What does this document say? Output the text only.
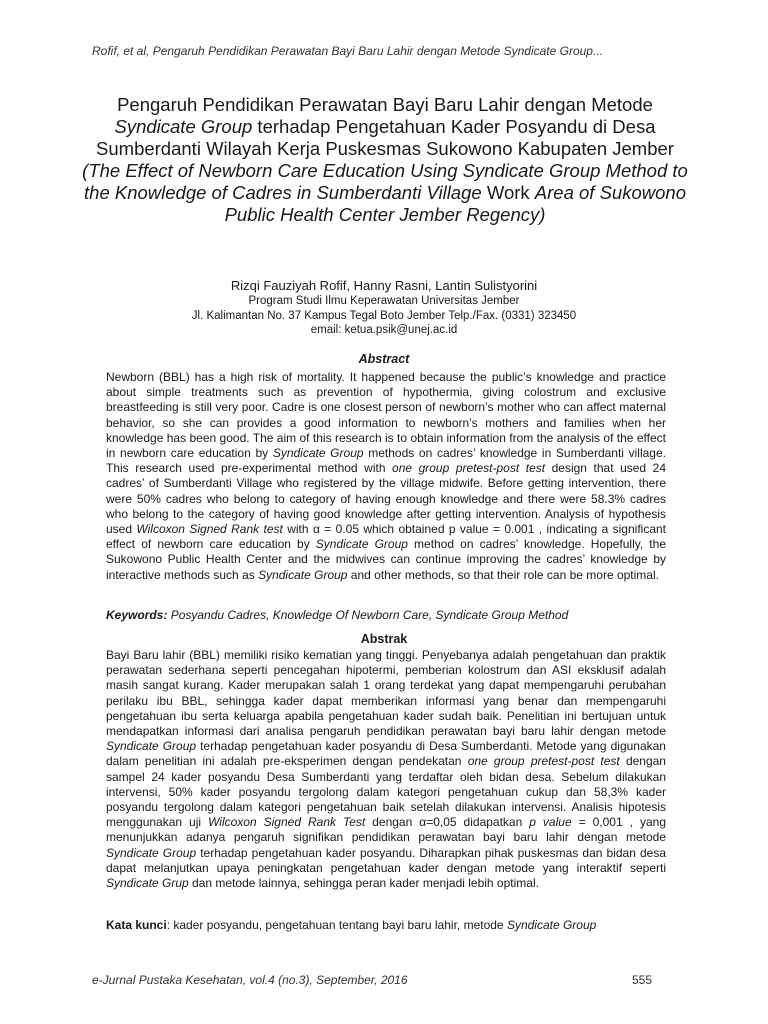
Rofif, et al, Pengaruh Pendidikan Perawatan Bayi Baru Lahir dengan Metode Syndicate Group...
Pengaruh Pendidikan Perawatan Bayi Baru Lahir dengan Metode Syndicate Group terhadap Pengetahuan Kader Posyandu di Desa Sumberdanti Wilayah Kerja Puskesmas Sukowono Kabupaten Jember
(The Effect of Newborn Care Education Using Syndicate Group Method to the Knowledge of Cadres in Sumberdanti Village Work Area of Sukowono Public Health Center Jember Regency)
Rizqi Fauziyah Rofif, Hanny Rasni, Lantin Sulistyorini
Program Studi Ilmu Keperawatan Universitas Jember
Jl. Kalimantan No. 37 Kampus Tegal Boto Jember Telp./Fax. (0331) 323450
email: ketua.psik@unej.ac.id
Abstract

Newborn (BBL) has a high risk of mortality. It happened because the public’s knowledge and practice about simple treatments such as prevention of hypothermia, giving colostrum and exclusive breastfeeding is still very poor. Cadre is one closest person of newborn’s mother who can affect maternal behavior, so she can provides a good information to newborn’s mothers and families when her knowledge has been good. The aim of this research is to obtain information from the analysis of the effect in newborn care education by Syndicate Group methods on cadres’ knowledge in Sumberdanti village. This research used pre-experimental method with one group pretest-post test design that used 24 cadres’ of Sumberdanti Village who registered by the village midwife. Before getting intervention, there were 50% cadres who belong to category of having enough knowledge and there were 58.3% cadres who belong to the category of having good knowledge after getting intervention. Analysis of hypothesis used Wilcoxon Signed Rank test with α = 0.05 which obtained p value = 0.001 , indicating a significant effect of newborn care education by Syndicate Group method on cadres’ knowledge. Hopefully, the Sukowono Public Health Center and the midwives can continue improving the cadres’ knowledge by interactive methods such as Syndicate Group and other methods, so that their role can be more optimal.

Keywords: Posyandu Cadres, Knowledge Of Newborn Care, Syndicate Group Method
Abstrak

Bayi Baru lahir (BBL) memiliki risiko kematian yang tinggi. Penyebanya adalah pengetahuan dan praktik perawatan sederhana seperti pencegahan hipotermi, pemberian kolostrum dan ASI eksklusif adalah masih sangat kurang. Kader merupakan salah 1 orang terdekat yang dapat mempengaruhi perubahan perilaku ibu BBL, sehingga kader dapat memberikan informasi yang benar dan mempengaruhi pengetahuan ibu serta keluarga apabila pengetahuan kader sudah baik. Penelitian ini bertujuan untuk mendapatkan informasi dari analisa pengaruh pendidikan perawatan bayi baru lahir dengan metode Syndicate Group terhadap pengetahuan kader posyandu di Desa Sumberdanti. Metode yang digunakan dalam penelitian ini adalah pre-eksperimen dengan pendekatan one group pretest-post test dengan sampel 24 kader posyandu Desa Sumberdanti yang terdaftar oleh bidan desa. Sebelum dilakukan intervensi, 50% kader posyandu tergolong dalam kategori pengetahuan cukup dan 58,3% kader posyandu tergolong dalam kategori pengetahuan baik setelah dilakukan intervensi. Analisis hipotesis menggunakan uji Wilcoxon Signed Rank Test dengan α=0,05 didapatkan p value = 0,001 , yang menunjukkan adanya pengaruh signifikan pendidikan perawatan bayi baru lahir dengan metode Syndicate Group terhadap pengetahuan kader posyandu. Diharapkan pihak puskesmas dan bidan desa dapat melanjutkan upaya peningkatan pengetahuan kader dengan metode yang interaktif seperti Syndicate Grup dan metode lainnya, sehingga peran kader menjadi lebih optimal.

Kata kunci: kader posyandu, pengetahuan tentang bayi baru lahir, metode Syndicate Group
e-Jurnal Pustaka Kesehatan, vol.4 (no.3), September, 2016	555
